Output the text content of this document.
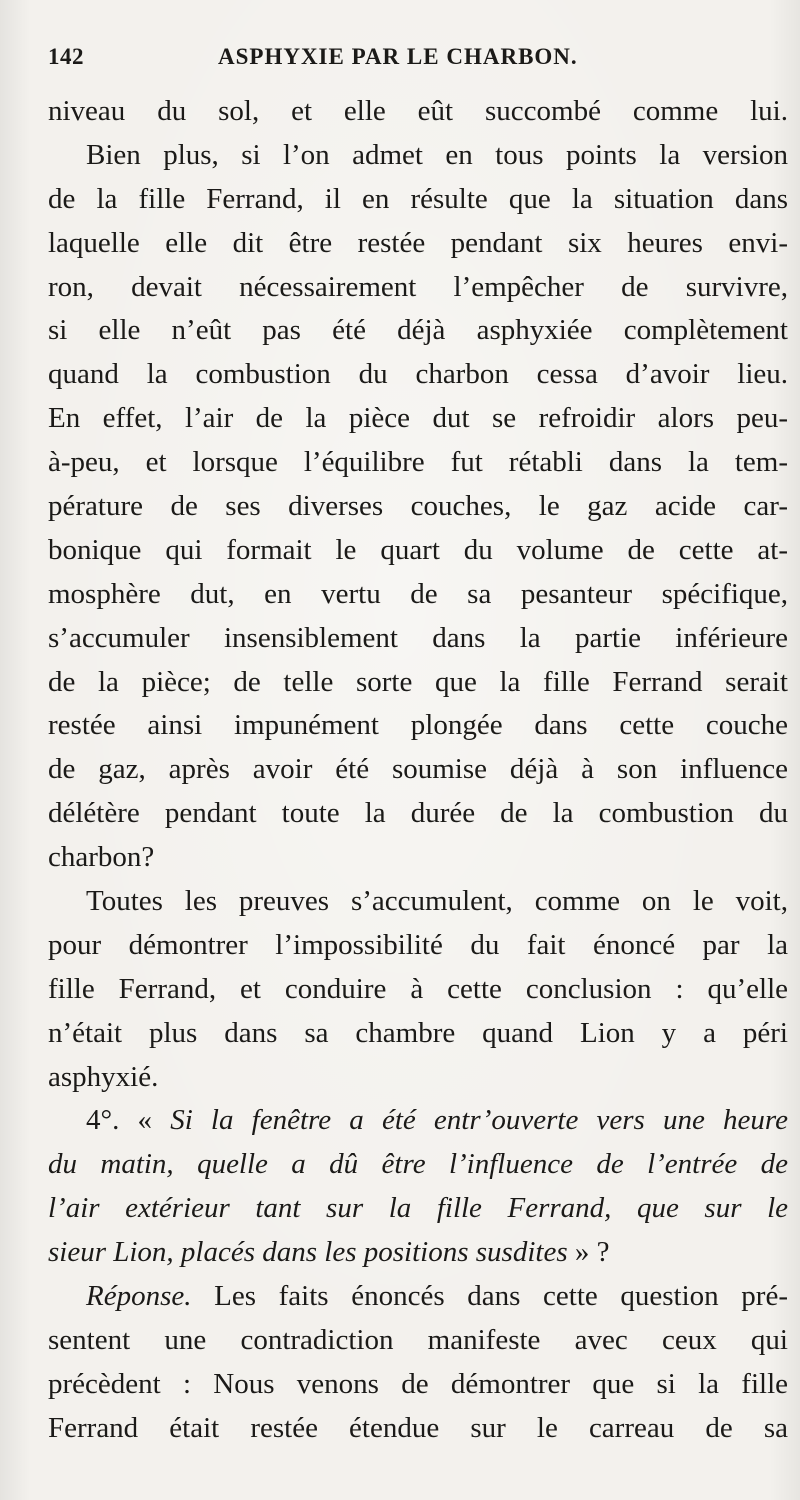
142	ASPHYXIE PAR LE CHARBON.
niveau du sol, et elle eût succombé comme lui.
Bien plus, si l’on admet en tous points la version
de la fille Ferrand, il en résulte que la situation dans
laquelle elle dit être restée pendant six heures envi-
ron, devait nécessairement l’empêcher de survivre,
si elle n’eût pas été déjà asphyxiée complètement
quand la combustion du charbon cessa d’avoir lieu.
En effet, l’air de la pièce dut se refroidir alors peu-
à-peu, et lorsque l’équilibre fut rétabli dans la tem-
pérature de ses diverses couches, le gaz acide car-
bonique qui formait le quart du volume de cette at-
mosphère dut, en vertu de sa pesanteur spécifique,
s’accumuler insensiblement dans la partie inférieure
de la pièce; de telle sorte que la fille Ferrand serait
restée ainsi impunément plongée dans cette couche
de gaz, après avoir été soumise déjà à son influence
délétère pendant toute la durée de la combustion du
charbon?
Toutes les preuves s’accumulent, comme on le voit,
pour démontrer l’impossibilité du fait énoncé par la
fille Ferrand, et conduire à cette conclusion : qu’elle
n’était plus dans sa chambre quand Lion y a péri
asphyxié.
4°. « Si la fenêtre a été entr’ouverte vers une heure
du matin, quelle a dû être l’influence de l’entrée de
l’air extérieur tant sur la fille Ferrand, que sur le
sieur Lion, placés dans les positions susdites » ?
Réponse. Les faits énoncés dans cette question pré-
sentent une contradiction manifeste avec ceux qui
précèdent : Nous venons de démontrer que si la fille
Ferrand était restée étendue sur le carreau de sa
